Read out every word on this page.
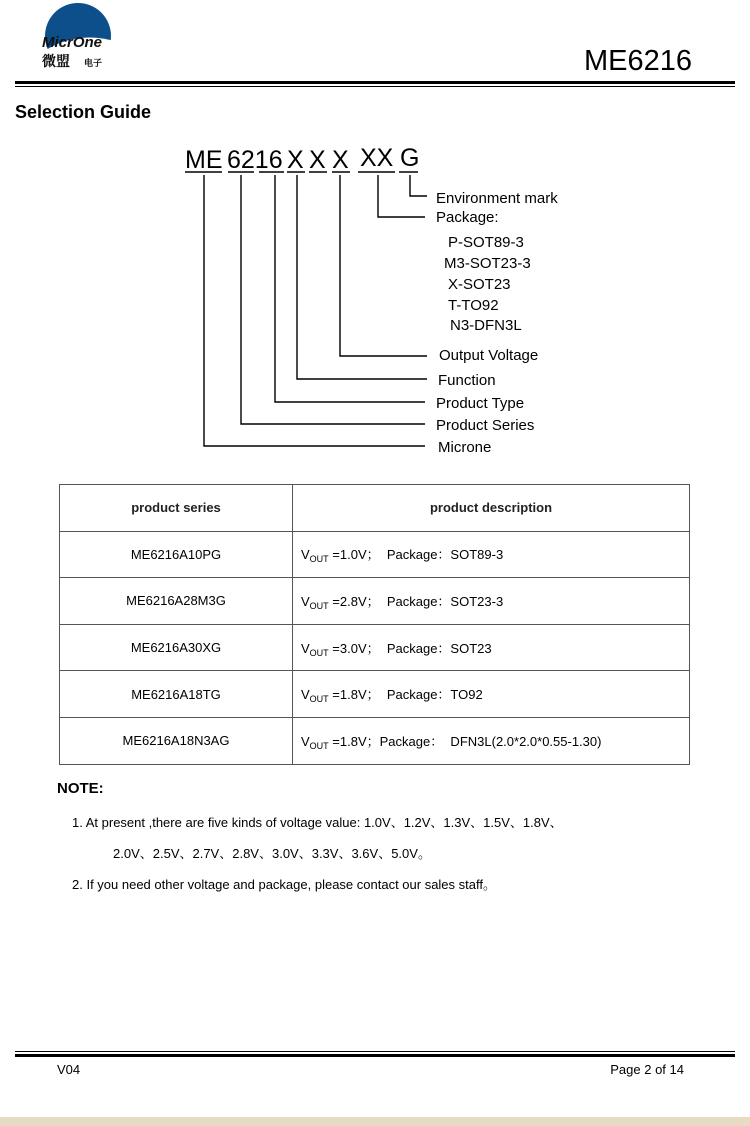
MicrOne
微盟 电子	ME6216
Selection Guide
ME 6216 X X X XX G
Environment mark
Package:
P-SOT89-3
M3-SOT23-3
X-SOT23
T-TO92
N3-DFN3L
Output Voltage
Function
Product Type
Product Series
Microne
product series	product description
ME6216A10PG	$V_{OUT} =1.0V$；  Package：SOT89-3
ME6216A28M3G	$V_{OUT} =2.8V$；  Package：SOT23-3
ME6216A30XG	$V_{OUT} =3.0V$；  Package：SOT23
ME6216A18TG	$V_{OUT} =1.8V$；  Package：TO92
ME6216A18N3AG	$V_{OUT} =1.8V$；Package：  DFN3L(2.0*2.0*0.55-1.30)
NOTE:
1. At present ,there are five kinds of voltage value: 1.0V、1.2V、1.3V、1.5V、1.8V、
2.0V、2.5V、2.7V、2.8V、3.0V、3.3V、3.6V、5.0V。
2. If you need other voltage and package, please contact our sales staff。
V04	Page 2 of 14
